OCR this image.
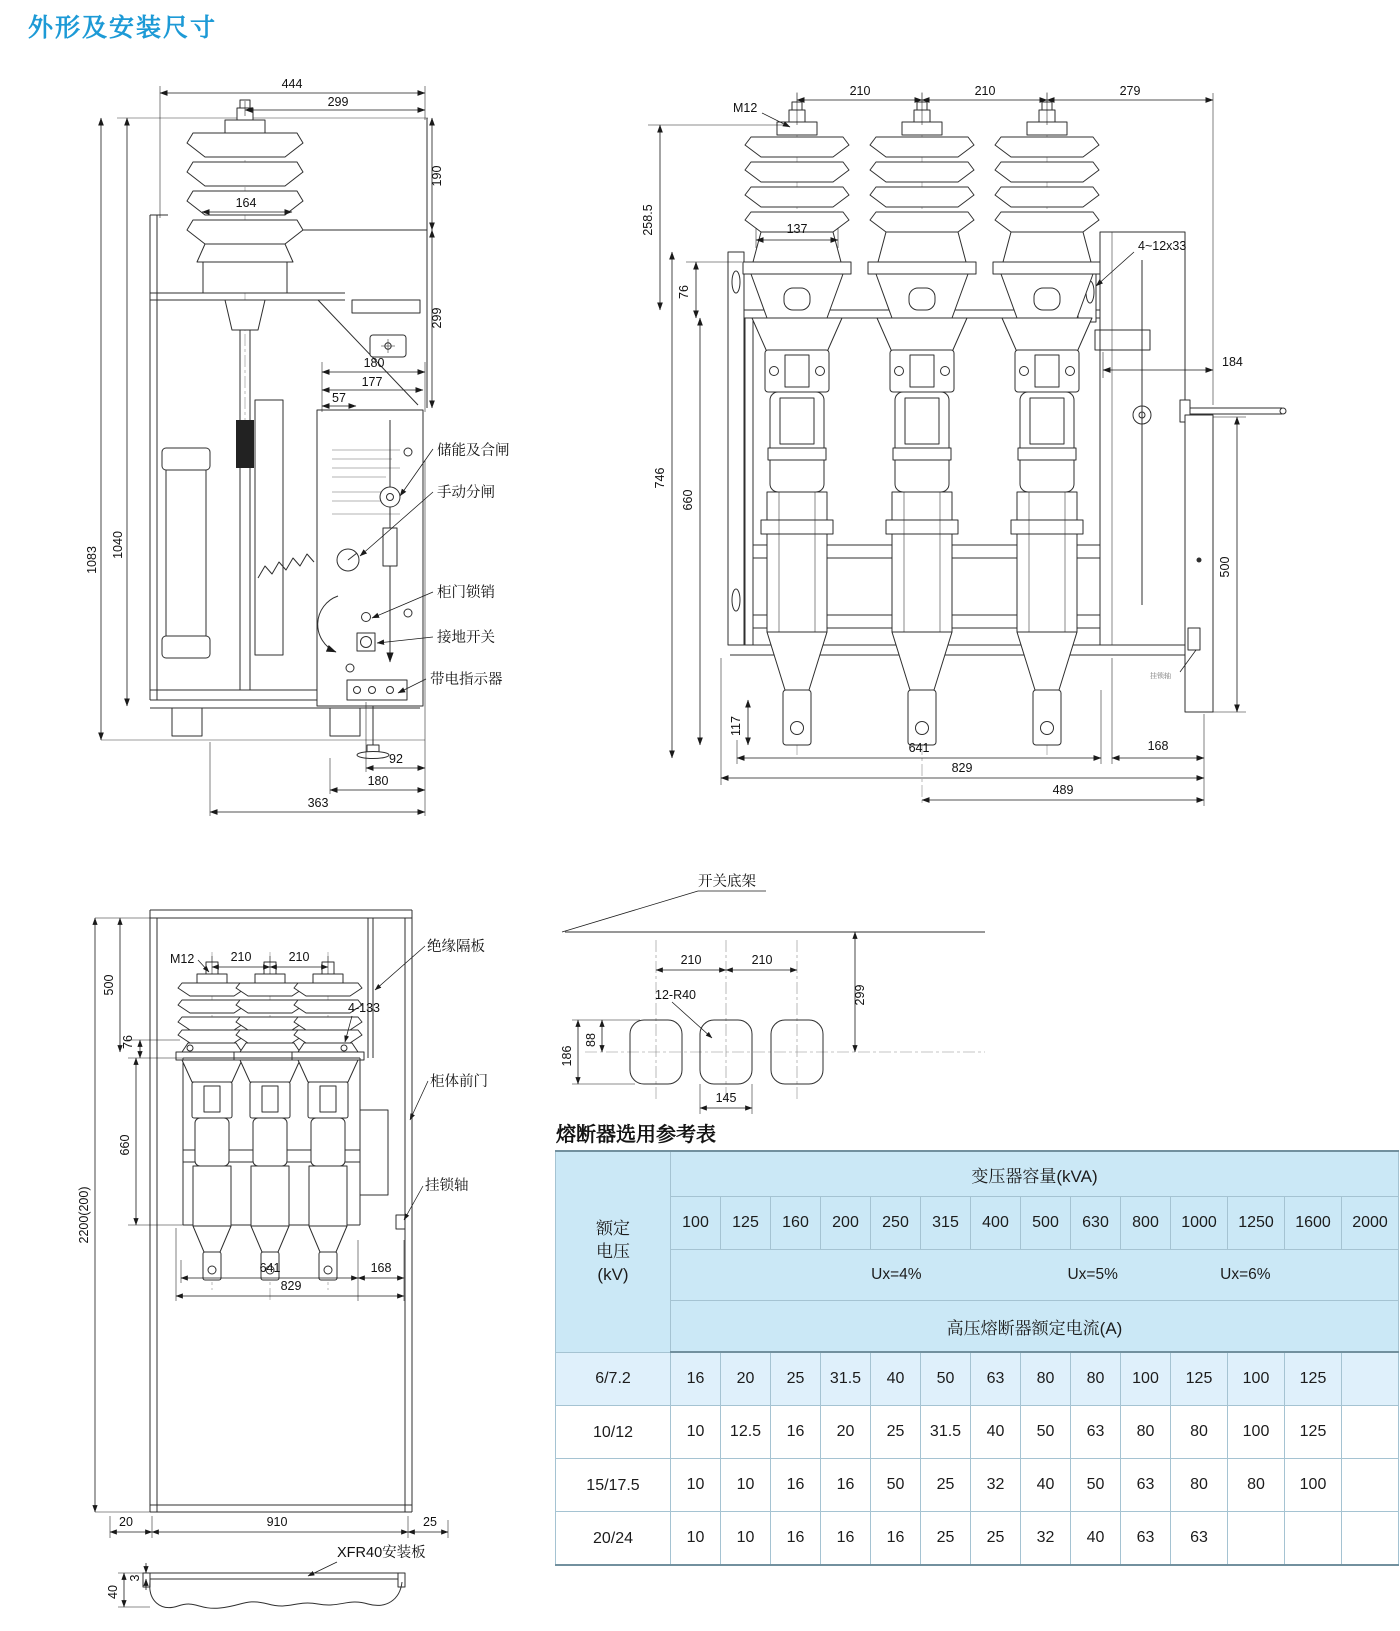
外形及安装尺寸
444
299
1083
1040
190
299
164
180
177
57
92
180
363
储能及合闸
手动分闸
柜门锁销
接地开关
带电指示器	挂锁轴
210	210	279
M12
258.5	137
76
746
660
117
4~12x33
184
500
641	168
829
489
2200(200)
500
76
660
210	210
M12
4-133
641	168
829
20	910	25
40
3
绝缘隔板
柜体前门
挂锁轴
XFR40安装板
开关底架
210	210
12-R40	299
186
88
145
熔断器选用参考表
额定
电压
(kV)	变压器容量(kVA)													
	100	125	160	200	250	315	400	500	630	800	1000	1250	1600	2000

	Ux=4% Ux=5% Ux=6%													

	高压熔断器额定电流(A)													
6/7.2	16	20	25	31.5	40	50	63	80	80	100	125	100	125	
10/12	10	12.5	16	20	25	31.5	40	50	63	80	80	100	125	
15/17.5	10	10	16	16	50	25	32	40	50	63	80	80	100	
20/24	10	10	16	16	16	25	25	32	40	63	63			
